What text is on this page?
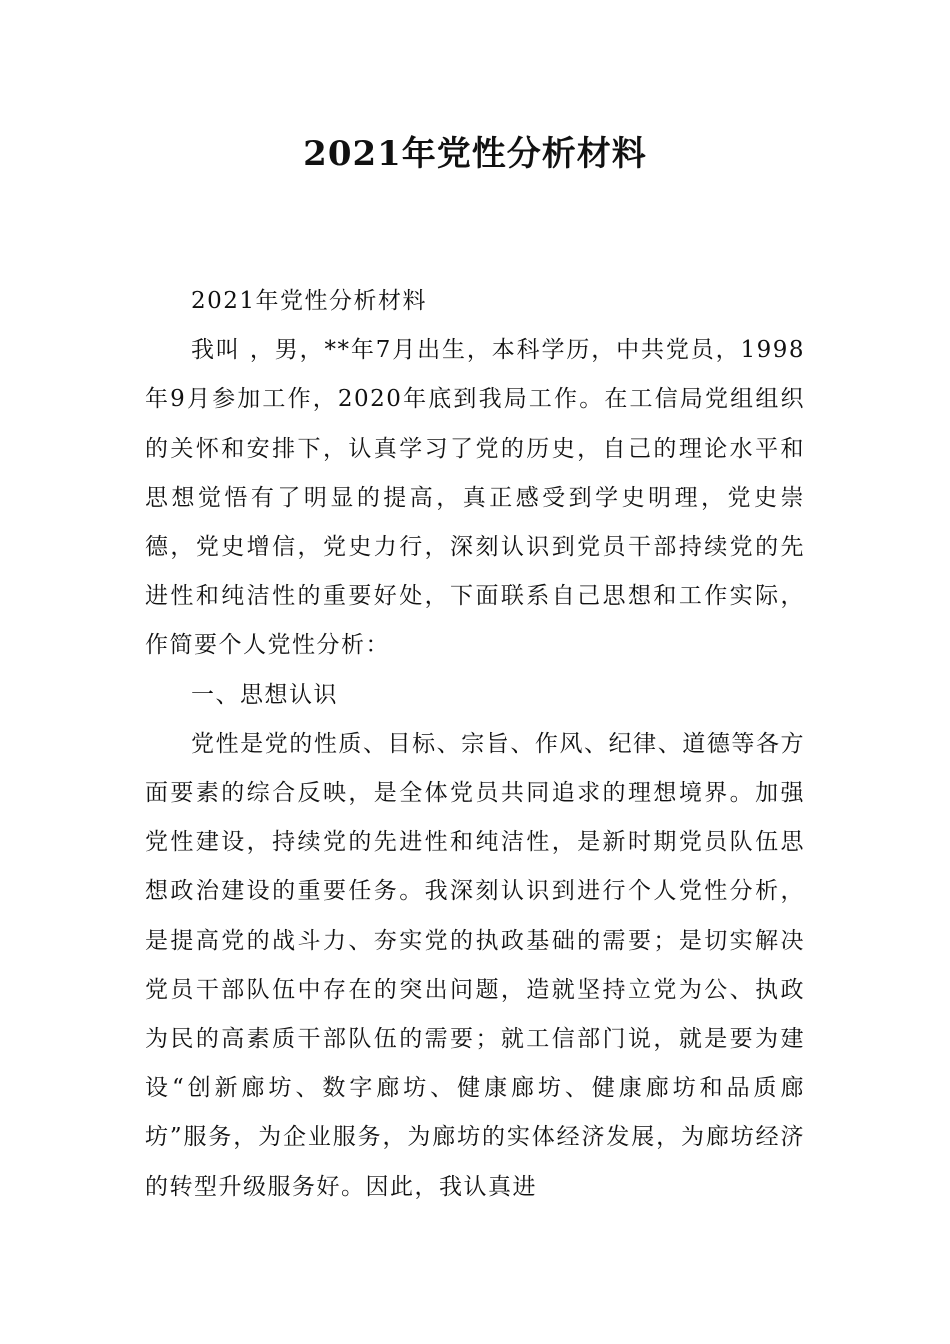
2021年党性分析材料

2021年党性分析材料

我叫 ，男，**年7月出生，本科学历，中共党员，1998年9月参加工作，2020年底到我局工作。在工信局党组组织的关怀和安排下，认真学习了党的历史，自己的理论水平和思想觉悟有了明显的提高，真正感受到学史明理，党史崇德，党史增信，党史力行，深刻认识到党员干部持续党的先进性和纯洁性的重要好处，下面联系自己思想和工作实际，作简要个人党性分析：

一、思想认识

党性是党的性质、目标、宗旨、作风、纪律、道德等各方面要素的综合反映，是全体党员共同追求的理想境界。加强党性建设，持续党的先进性和纯洁性，是新时期党员队伍思想政治建设的重要任务。我深刻认识到进行个人党性分析，是提高党的战斗力、夯实党的执政基础的需要；是切实解决党员干部队伍中存在的突出问题，造就坚持立党为公、执政为民的高素质干部队伍的需要；就工信部门说，就是要为建设“创新廊坊、数字廊坊、健康廊坊、健康廊坊和品质廊坊”服务，为企业服务，为廊坊的实体经济发展，为廊坊经济的转型升级服务好。因此，我认真进
